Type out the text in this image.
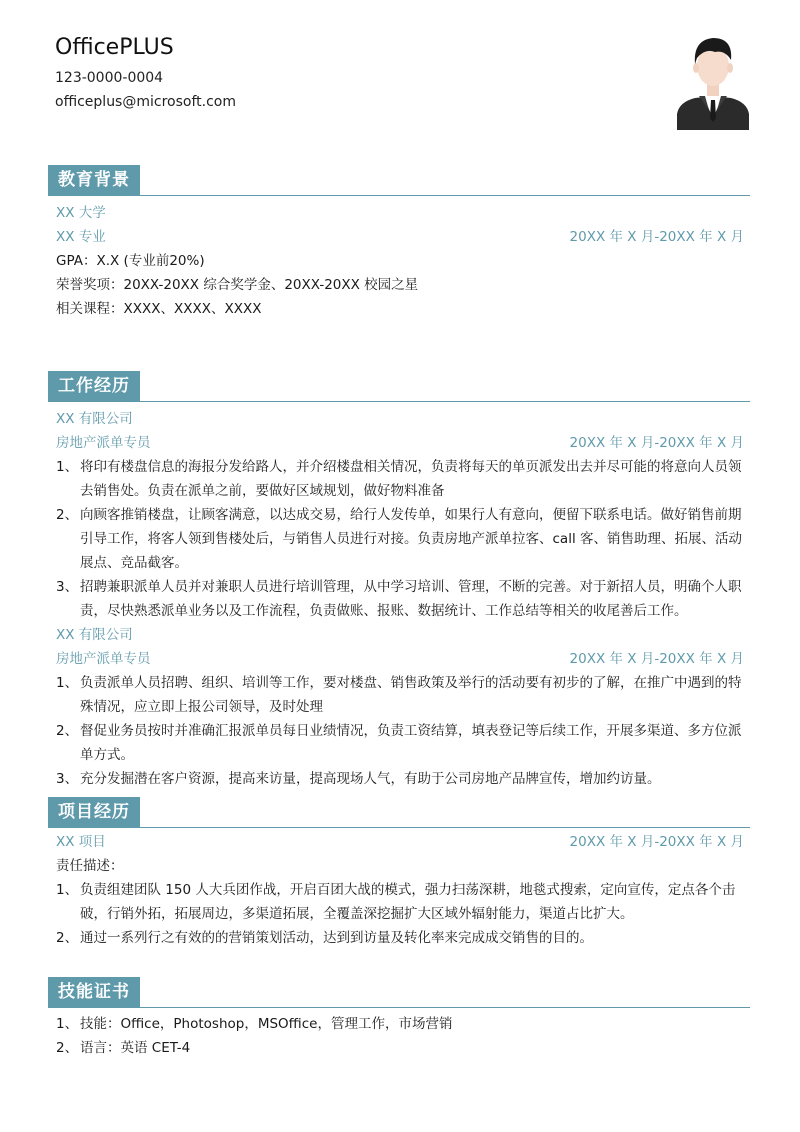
OfficePLUS
123-0000-0004
officeplus@microsoft.com
教育背景
XX 大学
XX 专业	20XX 年 X 月-20XX 年 X 月
GPA：X.X (专业前20%)
荣誉奖项：20XX-20XX 综合奖学金、20XX-20XX 校园之星
相关课程：XXXX、XXXX、XXXX
工作经历
XX 有限公司
房地产派单专员	20XX 年 X 月-20XX 年 X 月
1、 将印有楼盘信息的海报分发给路人，并介绍楼盘相关情况，负责将每天的单页派发出去并尽可能的将意向人员领去销售处。负责在派单之前，要做好区域规划，做好物料准备
2、 向顾客推销楼盘，让顾客满意，以达成交易，给行人发传单，如果行人有意向，便留下联系电话。做好销售前期引导工作，将客人领到售楼处后，与销售人员进行对接。负责房地产派单拉客、call 客、销售助理、拓展、活动展点、竞品截客。
3、 招聘兼职派单人员并对兼职人员进行培训管理，从中学习培训、管理，不断的完善。对于新招人员，明确个人职责，尽快熟悉派单业务以及工作流程，负责做账、报账、数据统计、工作总结等相关的收尾善后工作。
XX 有限公司
房地产派单专员	20XX 年 X 月-20XX 年 X 月
1、 负责派单人员招聘、组织、培训等工作，要对楼盘、销售政策及举行的活动要有初步的了解，在推广中遇到的特殊情况，应立即上报公司领导，及时处理
2、 督促业务员按时并准确汇报派单员每日业绩情况，负责工资结算，填表登记等后续工作，开展多渠道、多方位派单方式。
3、 充分发掘潜在客户资源，提高来访量，提高现场人气，有助于公司房地产品牌宣传，增加约访量。
项目经历
XX 项目	20XX 年 X 月-20XX 年 X 月
责任描述：
1、 负责组建团队 150 人大兵团作战，开启百团大战的模式，强力扫荡深耕，地毯式搜索，定向宣传，定点各个击破，行销外拓，拓展周边，多渠道拓展，全覆盖深挖掘扩大区域外辐射能力，渠道占比扩大。
2、 通过一系列行之有效的的营销策划活动，达到到访量及转化率来完成成交销售的目的。
技能证书
1、 技能：Office，Photoshop，MSOffice，管理工作，市场营销
2、 语言：英语 CET-4
